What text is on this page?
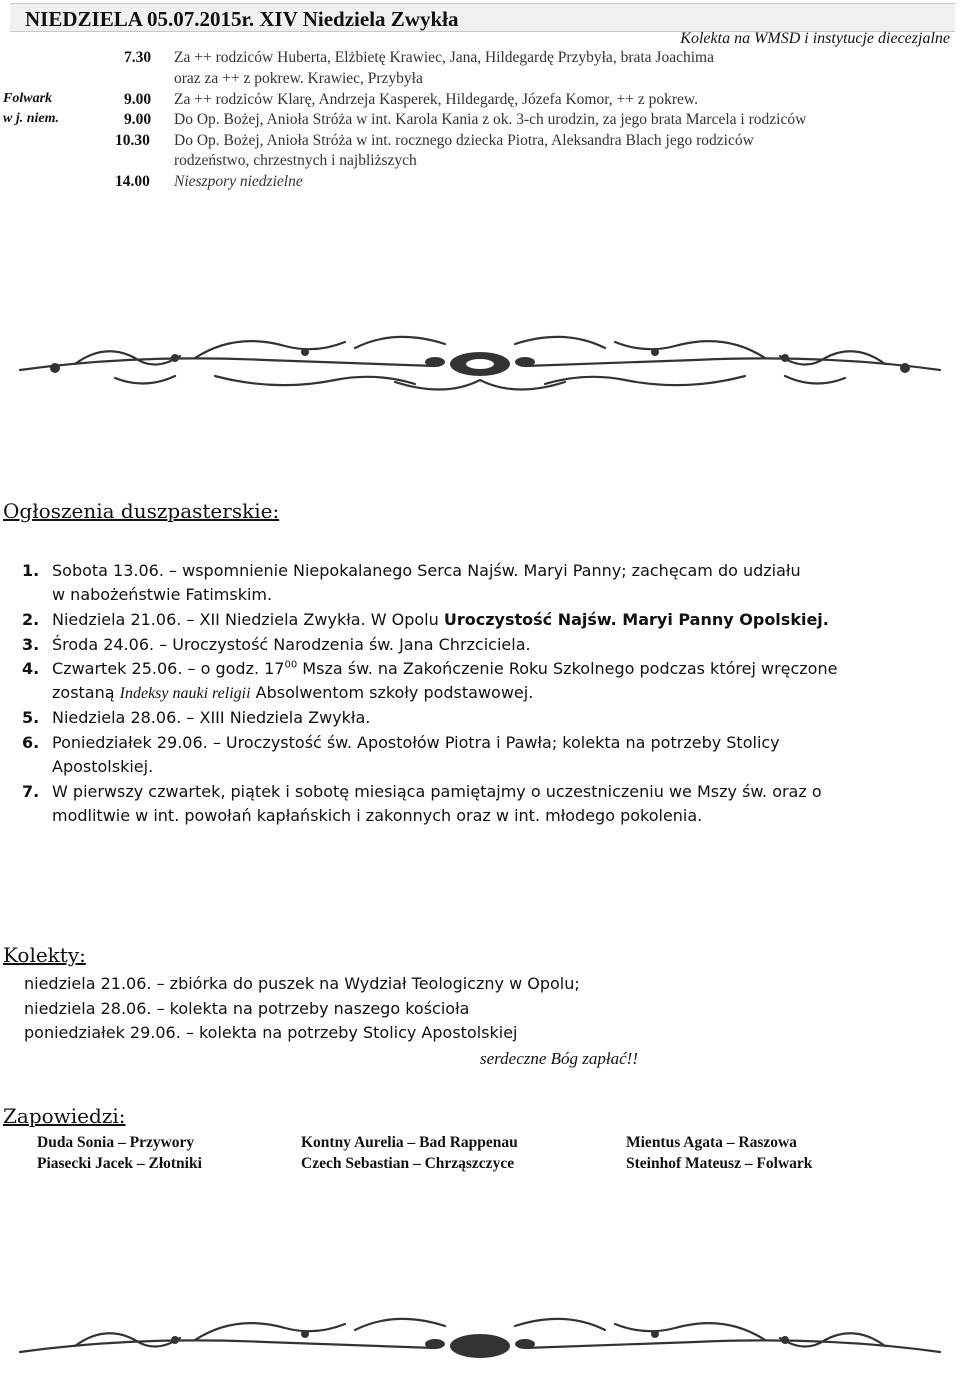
NIEDZIELA 05.07.2015r. XIV Niedziela Zwykła
Kolekta na WMSD i instytucje diecezjalne
Folwark
w j. niem.
7.30 Za ++ rodziców Huberta, Elżbietę Krawiec, Jana, Hildegardę Przybyła, brata Joachima
oraz za ++ z pokrew. Krawiec, Przybyła
9.00 Za ++ rodziców Klarę, Andrzeja Kasperek, Hildegardę, Józefa Komor, ++ z pokrew.
9.00 Do Op. Bożej, Anioła Stróża w int. Karola Kania z ok. 3-ch urodzin, za jego brata Marcela i rodziców
10.30 Do Op. Bożej, Anioła Stróża w int. rocznego dziecka Piotra, Aleksandra Blach jego rodziców
rodzeństwo, chrzestnych i najbliższych
14.00 Nieszpory niedzielne
Ogłoszenia duszpasterskie:
1. Sobota 13.06. – wspomnienie Niepokalanego Serca Najśw. Maryi Panny; zachęcam do udziału
w nabożeństwie Fatimskim.
2. Niedziela 21.06. – XII Niedziela Zwykła. W Opolu Uroczystość Najśw. Maryi Panny Opolskiej.
3. Środa 24.06. – Uroczystość Narodzenia św. Jana Chrzciciela.
4. Czwartek 25.06. – o godz. $17^{00}$ Msza św. na Zakończenie Roku Szkolnego podczas której wręczone
zostaną Indeksy nauki religii Absolwentom szkoły podstawowej.
5. Niedziela 28.06. – XIII Niedziela Zwykła.
6. Poniedziałek 29.06. – Uroczystość św. Apostołów Piotra i Pawła; kolekta na potrzeby Stolicy
Apostolskiej.
7. W pierwszy czwartek, piątek i sobotę miesiąca pamiętajmy o uczestniczeniu we Mszy św. oraz o
modlitwie w int. powołań kapłańskich i zakonnych oraz w int. młodego pokolenia.
Kolekty:
niedziela 21.06. – zbiórka do puszek na Wydział Teologiczny w Opolu;
niedziela 28.06. – kolekta na potrzeby naszego kościoła
poniedziałek 29.06. – kolekta na potrzeby Stolicy Apostolskiej
serdeczne Bóg zapłać!!
Zapowiedzi:
Duda Sonia – Przywory
Piasecki Jacek – Złotniki
Kontny Aurelia – Bad Rappenau
Czech Sebastian – Chrząszczyce
Mientus Agata – Raszowa
Steinhof Mateusz – Folwark
